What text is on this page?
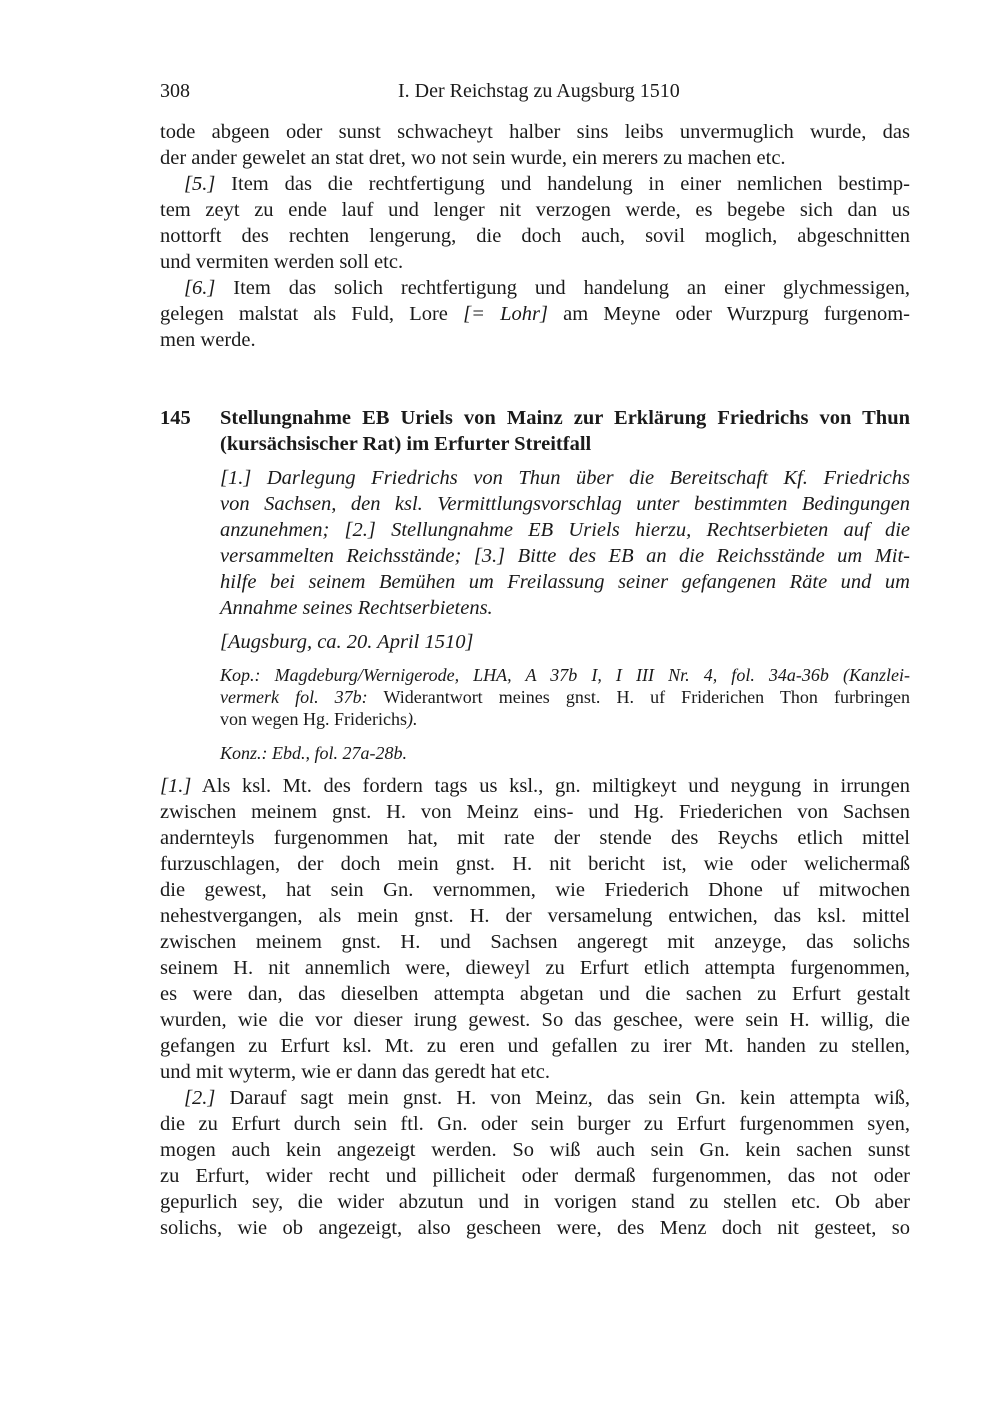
308	I. Der Reichstag zu Augsburg 1510
tode abgeen oder sunst schwacheyt halber sins leibs unvermuglich wurde, das
der ander gewelet an stat dret, wo not sein wurde, ein merers zu machen etc.
[5.] Item das die rechtfertigung und handelung in einer nemlichen bestimp-
tem zeyt zu ende lauf und lenger nit verzogen werde, es begebe sich dan us
nottorft des rechten lengerung, die doch auch, sovil moglich, abgeschnitten
und vermiten werden soll etc.
[6.] Item das solich rechtfertigung und handelung an einer glychmessigen,
gelegen malstat als Fuld, Lore [= Lohr] am Meyne oder Wurzpurg furgenom-
men werde.
145 Stellungnahme EB Uriels von Mainz zur Erklärung Friedrichs von Thun
(kursächsischer Rat) im Erfurter Streitfall
[1.] Darlegung Friedrichs von Thun über die Bereitschaft Kf. Friedrichs
von Sachsen, den ksl. Vermittlungsvorschlag unter bestimmten Bedingungen
anzunehmen; [2.] Stellungnahme EB Uriels hierzu, Rechtserbieten auf die
versammelten Reichsstände; [3.] Bitte des EB an die Reichsstände um Mit-
hilfe bei seinem Bemühen um Freilassung seiner gefangenen Räte und um
Annahme seines Rechtserbietens.
[Augsburg, ca. 20. April 1510]
Kop.: Magdeburg/Wernigerode, LHA, A 37b I, I III Nr. 4, fol. 34a-36b (Kanzlei-
vermerk fol. 37b: Widerantwort meines gnst. H. uf Friderichen Thon furbringen
von wegen Hg. Friderichs).
Konz.: Ebd., fol. 27a-28b.
[1.] Als ksl. Mt. des fordern tags us ksl., gn. miltigkeyt und neygung in irrungen
zwischen meinem gnst. H. von Meinz eins- und Hg. Friederichen von Sachsen
anderntеyls furgenommen hat, mit rate der stende des Reychs etlich mittel
furzuschlagen, der doch mein gnst. H. nit bericht ist, wie oder welichermaß
die gewest, hat sein Gn. vernommen, wie Friederich Dhone uf mitwochen
nehestvergangen, als mein gnst. H. der versamelung entwichen, das ksl. mittel
zwischen meinem gnst. H. und Sachsen angeregt mit anzeyge, das solichs
seinem H. nit annemlich were, dieweyl zu Erfurt etlich attempta furgenommen,
es were dan, das dieselben attempta abgetan und die sachen zu Erfurt gestalt
wurden, wie die vor dieser irung gewest. So das geschee, were sein H. willig, die
gefangen zu Erfurt ksl. Mt. zu eren und gefallen zu irer Mt. handen zu stellen,
und mit wyterm, wie er dann das geredt hat etc.
[2.] Darauf sagt mein gnst. H. von Meinz, das sein Gn. kein attempta wiß,
die zu Erfurt durch sein ftl. Gn. oder sein burger zu Erfurt furgenommen syen,
mogen auch kein angezeigt werden. So wiß auch sein Gn. kein sachen sunst
zu Erfurt, wider recht und pillicheit oder dermaß furgenommen, das not oder
gepurlich sey, die wider abzutun und in vorigen stand zu stellen etc. Ob aber
solichs, wie ob angezeigt, also gescheen were, des Menz doch nit gesteet, so
